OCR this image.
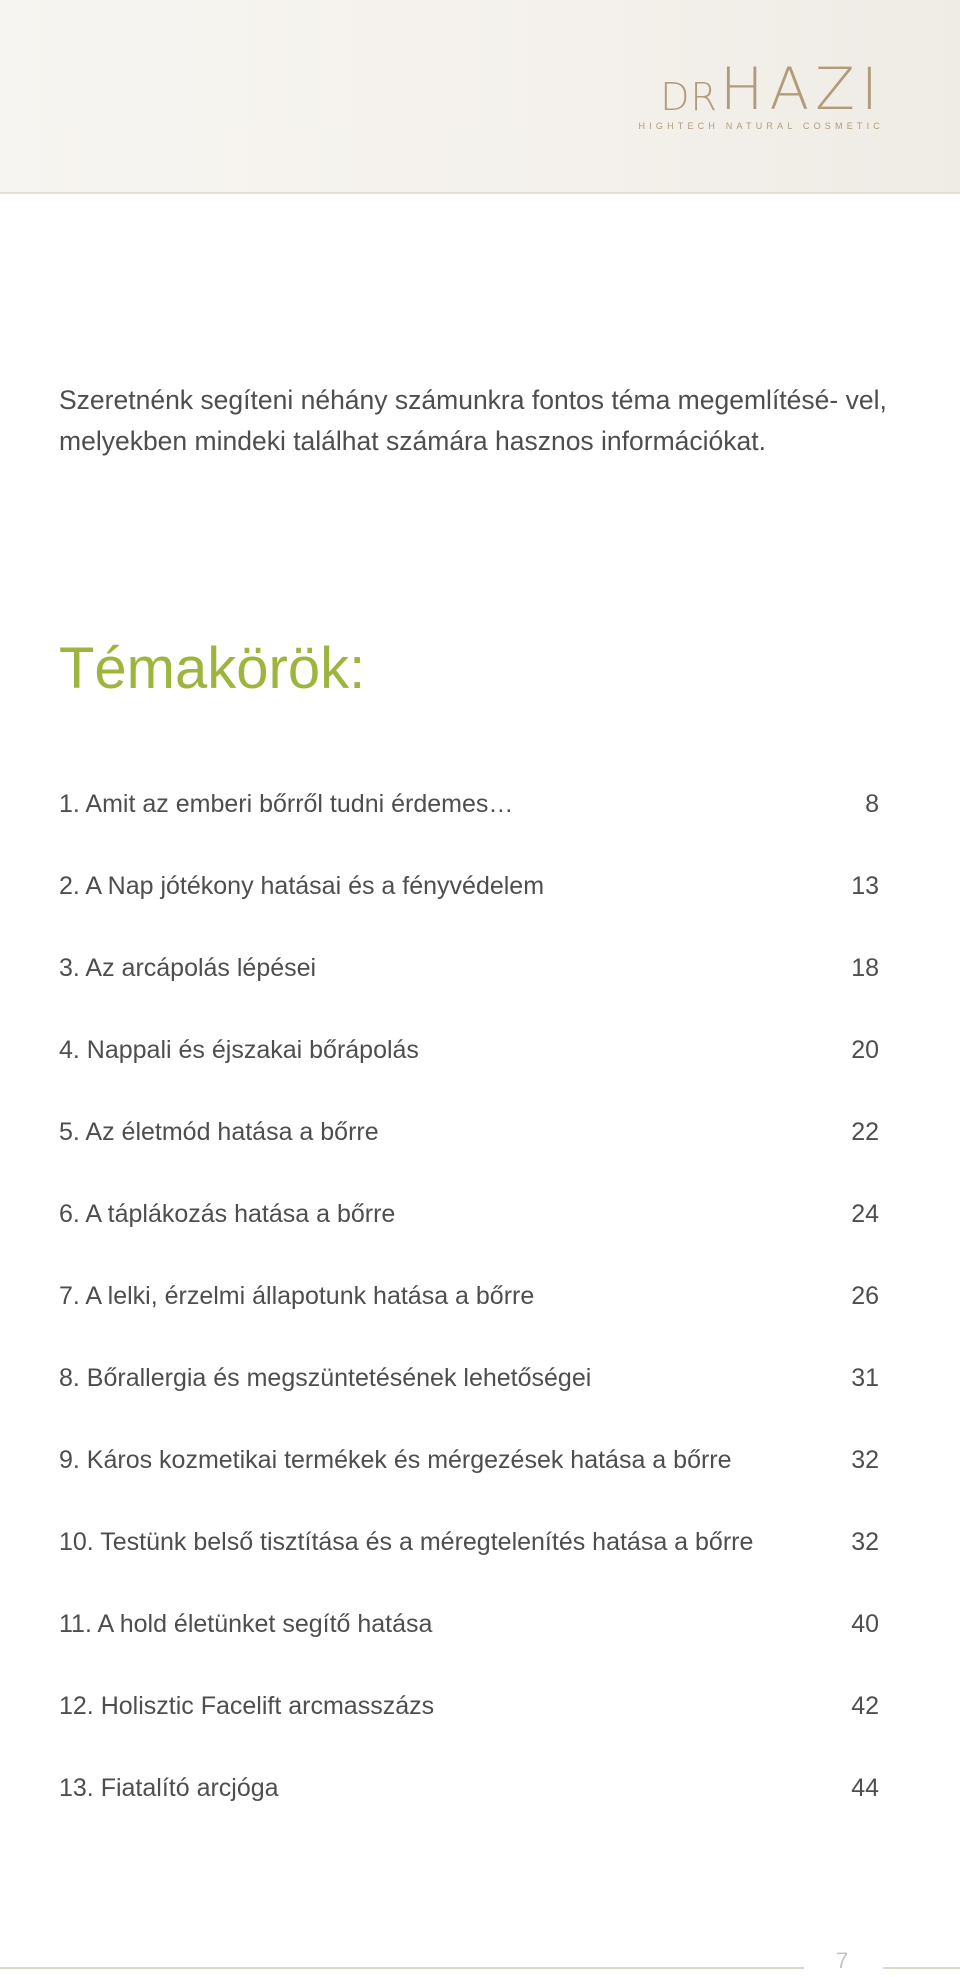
DR HAZI
HIGHTECH NATURAL COSMETIC

Szeretnénk segíteni néhány számunkra fontos téma megemlítésé- vel, melyekben mindeki találhat számára hasznos információkat.

Témakörök:
1. Amit az emberi bőrről tudni érdemes…	8
2. A Nap jótékony hatásai és a fényvédelem	13
3. Az arcápolás lépései	18
4. Nappali és éjszakai bőrápolás	20
5. Az életmód hatása a bőrre	22
6. A táplákozás hatása a bőrre	24
7. A lelki, érzelmi állapotunk hatása a bőrre	26
8. Bőrallergia és megszüntetésének lehetőségei	31
9. Káros kozmetikai termékek és mérgezések hatása a bőrre	32
10. Testünk belső tisztítása és a méregtelenítés hatása a bőrre	32
11. A hold életünket segítő hatása	40
12. Holisztic Facelift arcmasszázs	42
13. Fiatalító arcjóga	44
7
